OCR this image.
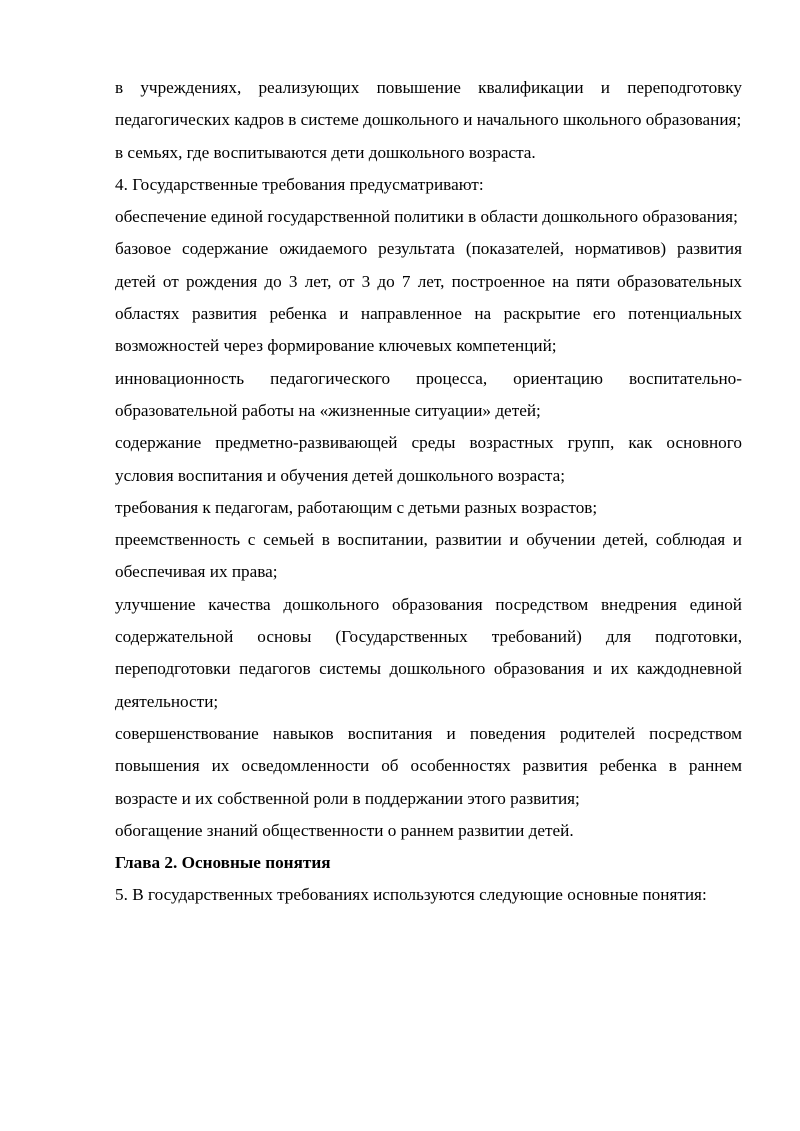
в учреждениях, реализующих повышение квалификации и переподготовку педагогических кадров в системе дошкольного и начального школьного образования;

в семьях, где воспитываются дети дошкольного возраста.

4. Государственные требования предусматривают:

обеспечение единой государственной политики в области дошкольного образования;

базовое содержание ожидаемого результата (показателей, нормативов) развития детей от рождения до 3 лет, от 3 до 7 лет, построенное на пяти образовательных областях развития ребенка и направленное на раскрытие его потенциальных возможностей через формирование ключевых компетенций;

инновационность педагогического процесса, ориентацию воспитательно-образовательной работы на «жизненные ситуации» детей;

содержание предметно-развивающей среды возрастных групп, как основного условия воспитания и обучения детей дошкольного возраста;

требования к педагогам, работающим с детьми разных возрастов;

преемственность с семьей в воспитании, развитии и обучении детей, соблюдая и обеспечивая их права;

улучшение качества дошкольного образования посредством внедрения единой содержательной основы (Государственных требований) для подготовки, переподготовки педагогов системы дошкольного образования и их каждодневной деятельности;

совершенствование навыков воспитания и поведения родителей посредством повышения их осведомленности об особенностях развития ребенка в раннем возрасте и их собственной роли в поддержании этого развития;

обогащение знаний общественности о раннем развитии детей.

Глава 2. Основные понятия

5. В государственных требованиях используются следующие основные понятия:
